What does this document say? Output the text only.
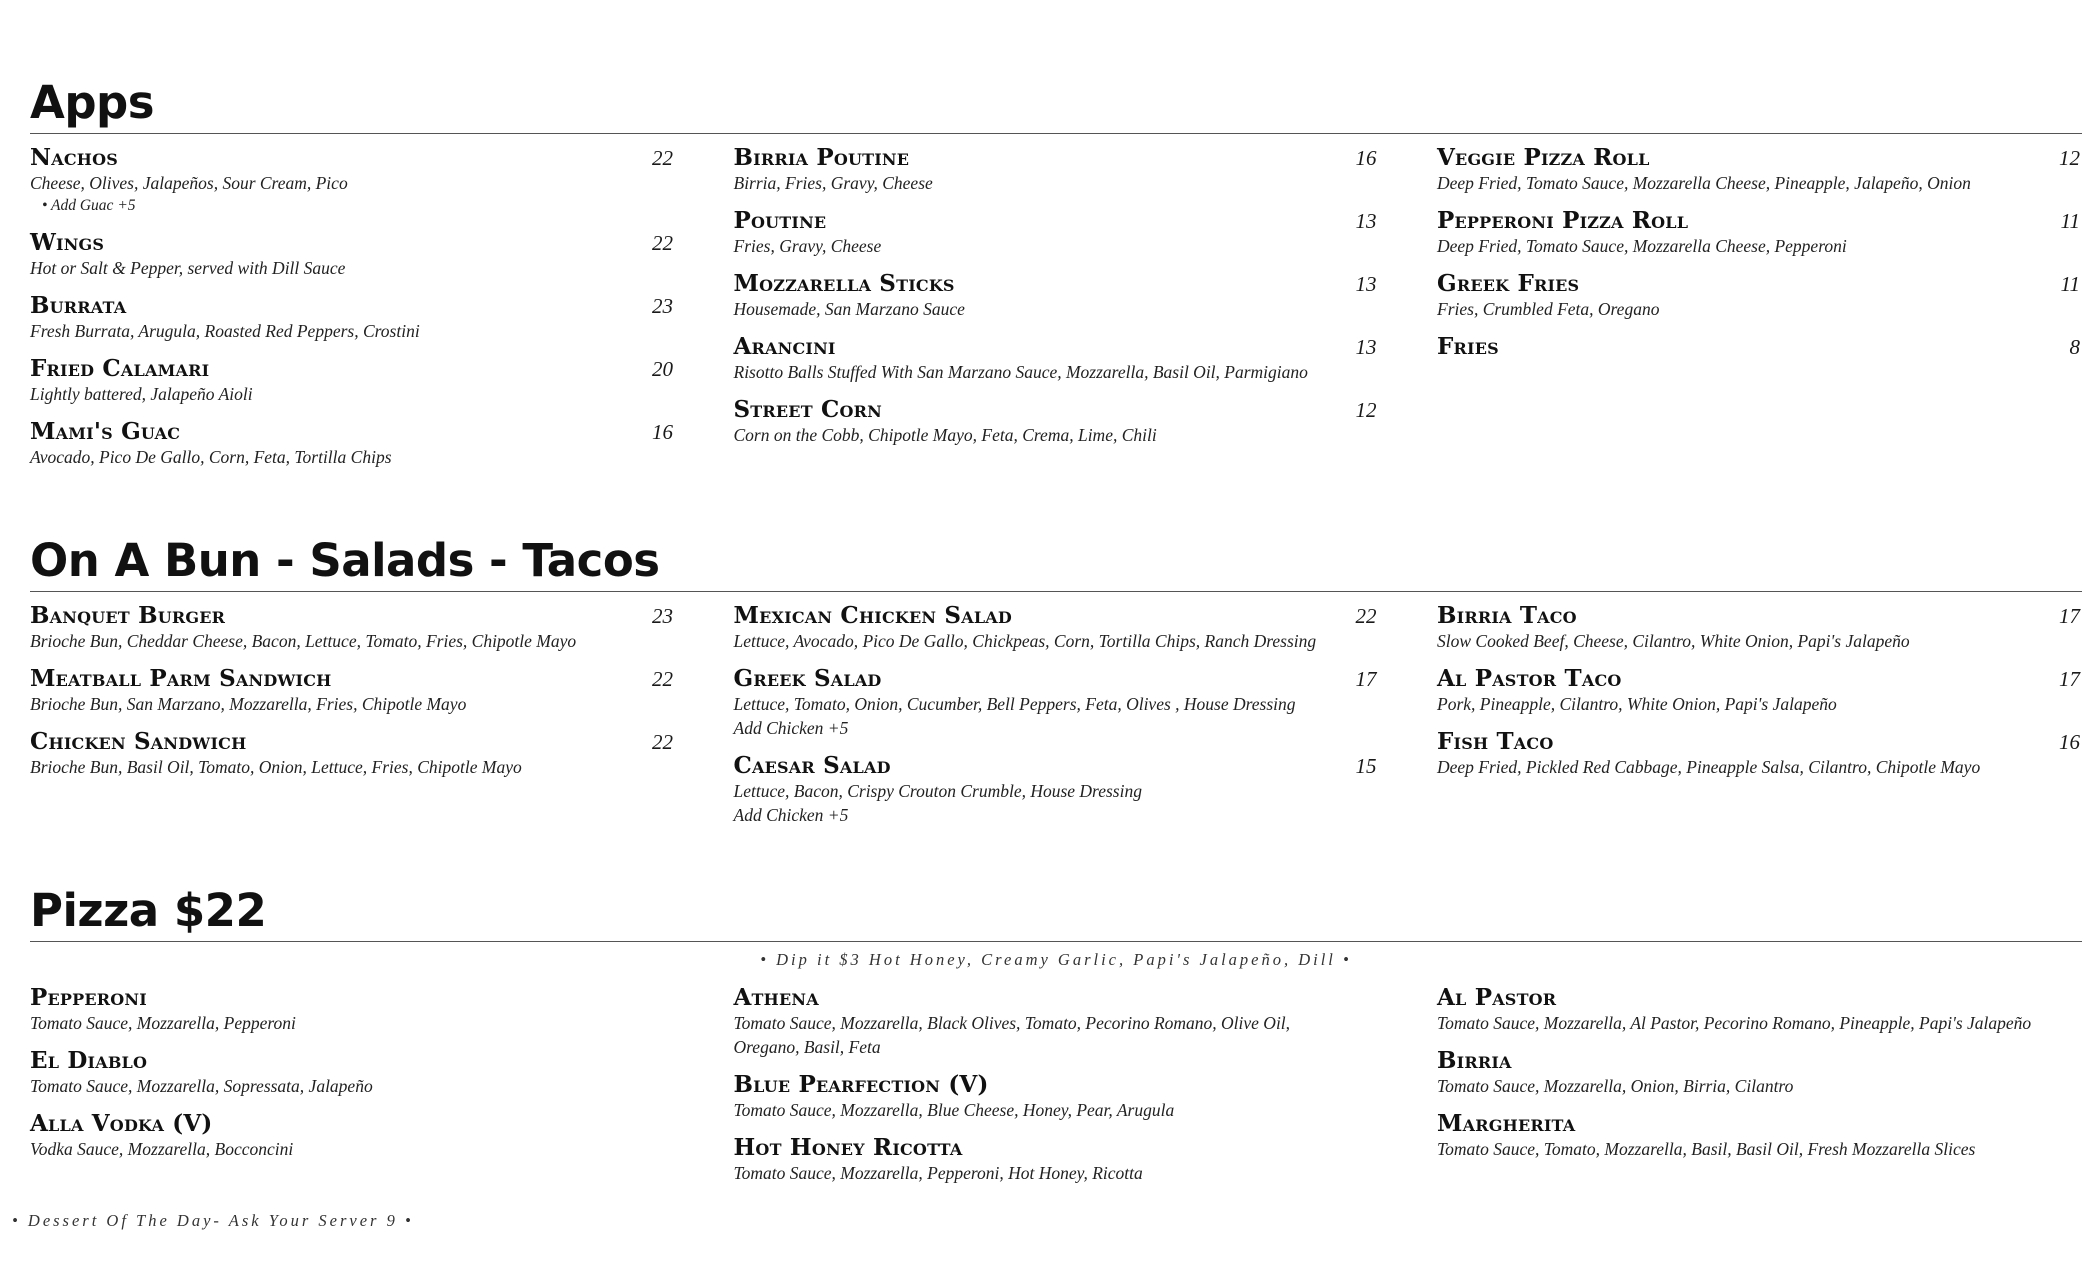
Apps
Nachos	22
Cheese, Olives, Jalapeños, Sour Cream, Pico
• Add Guac +5
Wings	22
Hot or Salt & Pepper, served with Dill Sauce
Burrata	23
Fresh Burrata, Arugula, Roasted Red Peppers, Crostini
Fried Calamari	20
Lightly battered, Jalapeño Aioli
Mami's Guac	16
Avocado, Pico De Gallo, Corn, Feta, Tortilla Chips
Birria Poutine	16
Birria, Fries, Gravy, Cheese
Poutine	13
Fries, Gravy, Cheese
Mozzarella Sticks	13
Housemade, San Marzano Sauce
Arancini	13
Risotto Balls Stuffed With San Marzano Sauce, Mozzarella, Basil Oil, Parmigiano
Street Corn	12
Corn on the Cobb, Chipotle Mayo, Feta, Crema, Lime, Chili
Veggie Pizza Roll	12
Deep Fried, Tomato Sauce, Mozzarella Cheese, Pineapple, Jalapeño, Onion
Pepperoni Pizza Roll	11
Deep Fried, Tomato Sauce, Mozzarella Cheese, Pepperoni
Greek Fries	11
Fries, Crumbled Feta, Oregano
Fries	8
On A Bun - Salads - Tacos
Banquet Burger	23
Brioche Bun, Cheddar Cheese, Bacon, Lettuce, Tomato, Fries, Chipotle Mayo
Meatball Parm Sandwich	22
Brioche Bun, San Marzano, Mozzarella, Fries, Chipotle Mayo
Chicken Sandwich	22
Brioche Bun, Basil Oil, Tomato, Onion, Lettuce, Fries, Chipotle Mayo
Mexican Chicken Salad	22
Lettuce, Avocado, Pico De Gallo, Chickpeas, Corn, Tortilla Chips, Ranch Dressing
Greek Salad	17
Lettuce, Tomato, Onion, Cucumber, Bell Peppers, Feta, Olives , House Dressing
Add Chicken +5
Caesar Salad	15
Lettuce, Bacon, Crispy Crouton Crumble, House Dressing
Add Chicken +5
Birria Taco	17
Slow Cooked Beef, Cheese, Cilantro, White Onion, Papi's Jalapeño
Al Pastor Taco	17
Pork, Pineapple, Cilantro, White Onion, Papi's Jalapeño
Fish Taco	16
Deep Fried, Pickled Red Cabbage, Pineapple Salsa, Cilantro, Chipotle Mayo
Pizza $22
• Dip it $3 Hot Honey, Creamy Garlic, Papi's Jalapeño, Dill •
Pepperoni
Tomato Sauce, Mozzarella, Pepperoni
El Diablo
Tomato Sauce, Mozzarella, Sopressata, Jalapeño
Alla Vodka (V)
Vodka Sauce, Mozzarella, Bocconcini
Athena
Tomato Sauce, Mozzarella, Black Olives, Tomato, Pecorino Romano, Olive Oil,
Oregano, Basil, Feta
Blue Pearfection (V)
Tomato Sauce, Mozzarella, Blue Cheese, Honey, Pear, Arugula
Hot Honey Ricotta
Tomato Sauce, Mozzarella, Pepperoni, Hot Honey, Ricotta
Al Pastor
Tomato Sauce, Mozzarella, Al Pastor, Pecorino Romano, Pineapple, Papi's Jalapeño
Birria
Tomato Sauce, Mozzarella, Onion, Birria, Cilantro
Margherita
Tomato Sauce, Tomato, Mozzarella, Basil, Basil Oil, Fresh Mozzarella Slices
• Dessert Of The Day- Ask Your Server 9 •
